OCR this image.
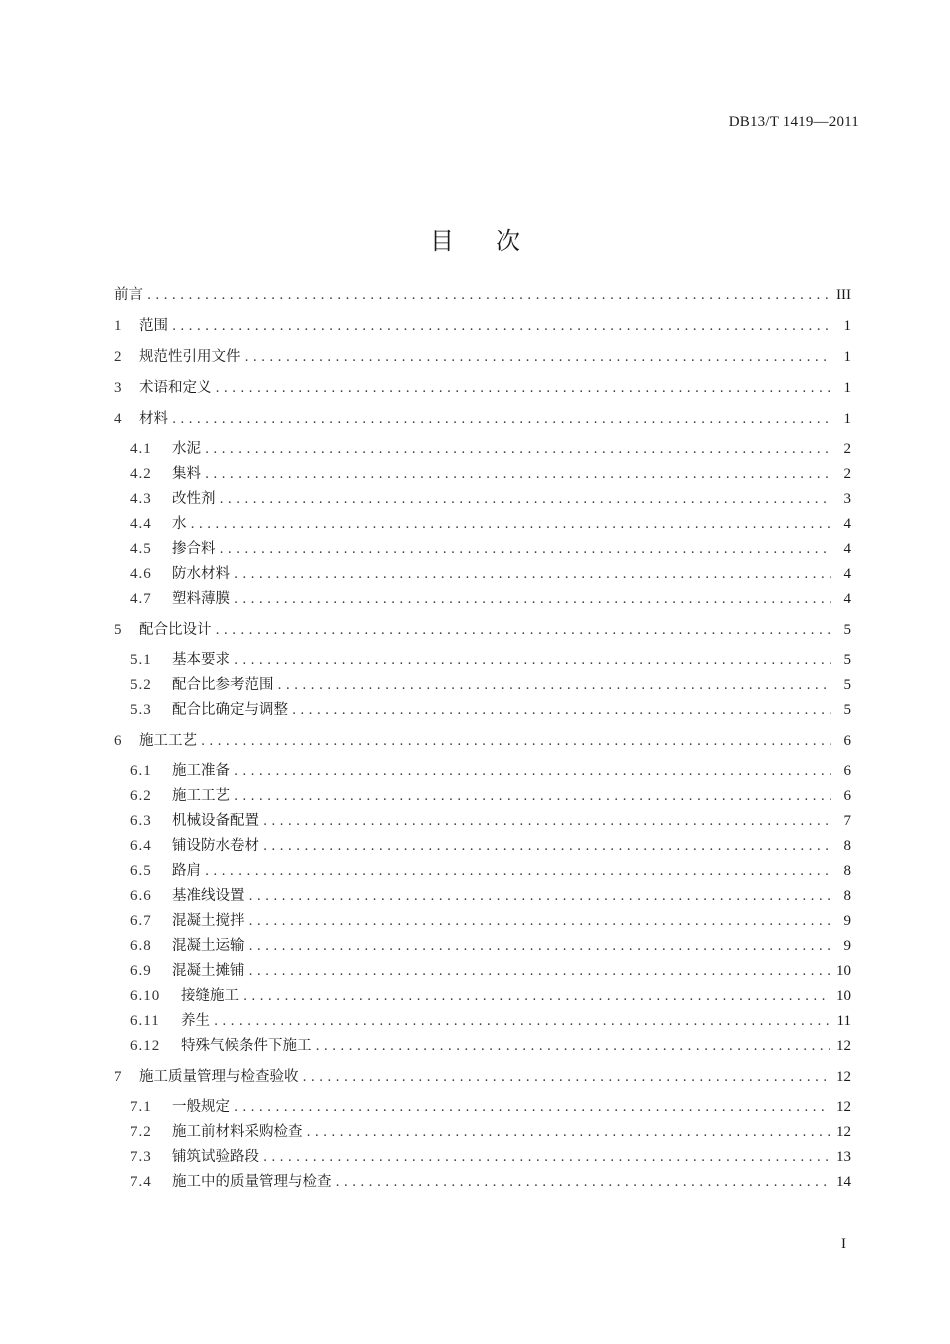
DB13/T 1419—2011
目次
前言 . . .	III
1	范围 . . .	1
2	规范性引用文件 . . .	1
3	术语和定义 . . .	1
4	材料 . . .	1
4.1	水泥 . . .	2
4.2	集料 . . .	2
4.3	改性剂 . . .	3
4.4	水 . . .	4
4.5	掺合料 . . .	4
4.6	防水材料 . . .	4
4.7	塑料薄膜 . . .	4
5	配合比设计 . . .	5
5.1	基本要求 . . .	5
5.2	配合比参考范围 . . .	5
5.3	配合比确定与调整 . . .	5
6	施工工艺 . . .	6
6.1	施工准备 . . .	6
6.2	施工工艺 . . .	6
6.3	机械设备配置 . . .	7
6.4	铺设防水卷材 . . .	8
6.5	路肩 . . .	8
6.6	基准线设置 . . .	8
6.7	混凝土搅拌 . . .	9
6.8	混凝土运输 . . .	9
6.9	混凝土摊铺 . . .	10
6.10	接缝施工 . . .	10
6.11	养生 . . .	11
6.12	特殊气候条件下施工 . . .	12
7	施工质量管理与检查验收 . . .	12
7.1	一般规定 . . .	12
7.2	施工前材料采购检查 . . .	12
7.3	铺筑试验路段 . . .	13
7.4	施工中的质量管理与检查 . . .	14
I
